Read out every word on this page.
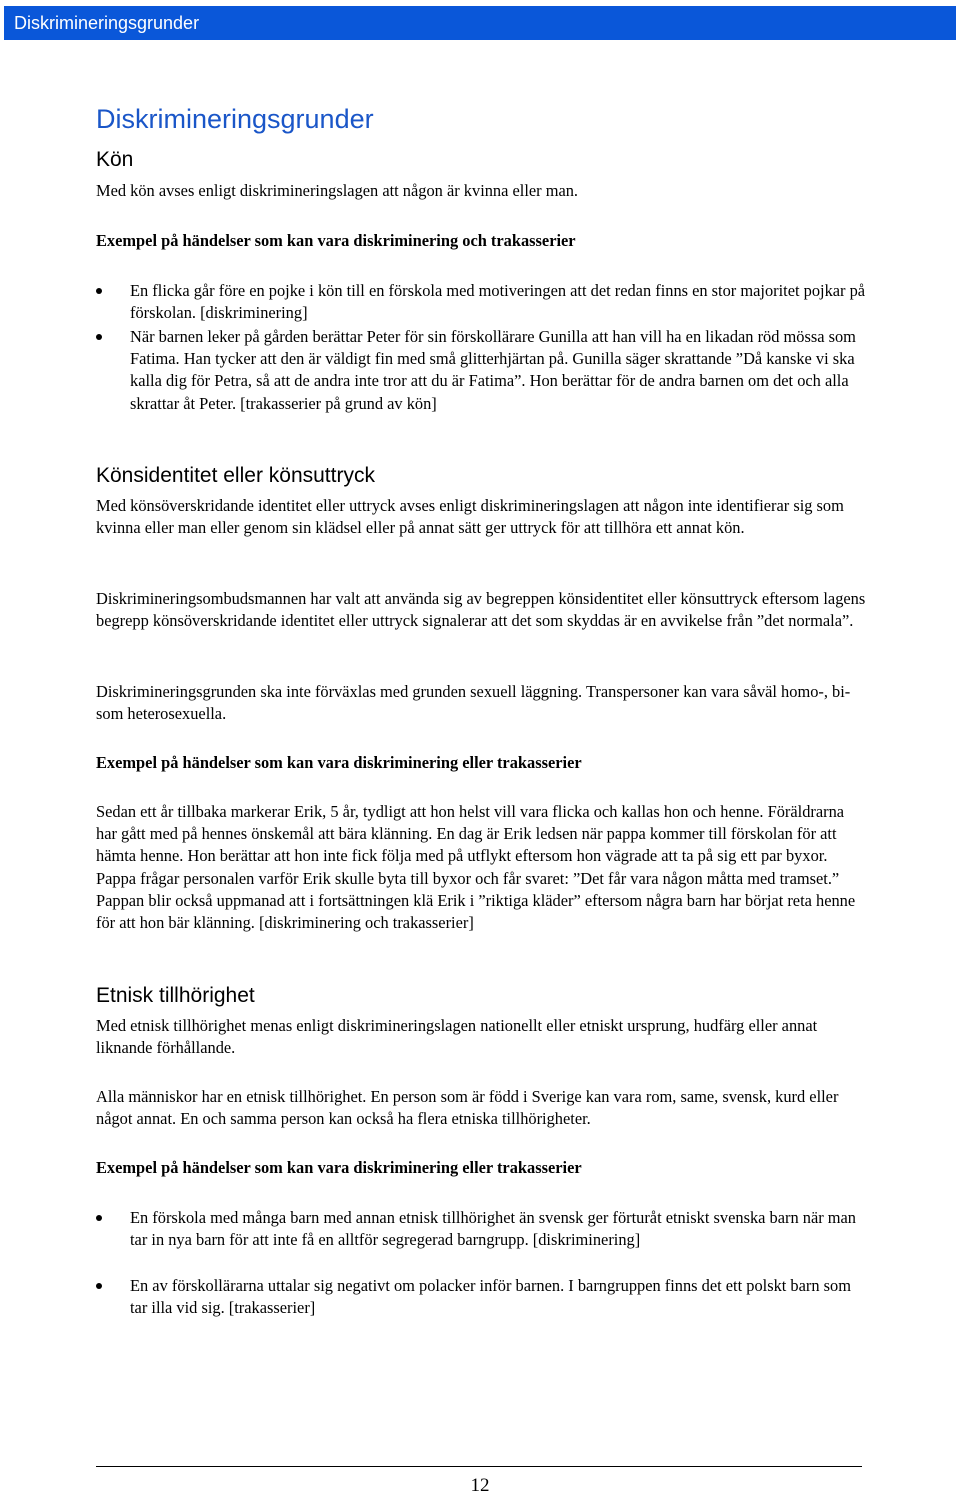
Diskrimineringsgrunder
Diskrimineringsgrunder
Kön
Med kön avses enligt diskrimineringslagen att någon är kvinna eller man.
Exempel på händelser som kan vara diskriminering och trakasserier
En flicka går före en pojke i kön till en förskola med motiveringen att det redan finns en stor majoritet pojkar på förskolan. [diskriminering]
När barnen leker på gården berättar Peter för sin förskollärare Gunilla att han vill ha en likadan röd mössa som Fatima. Han tycker att den är väldigt fin med små glitterhjärtan på. Gunilla säger skrattande ”Då kanske vi ska kalla dig för Petra, så att de andra inte tror att du är Fatima”. Hon berättar för de andra barnen om det och alla skrattar åt Peter. [trakasserier på grund av kön]
Könsidentitet eller könsuttryck
Med könsöverskridande identitet eller uttryck avses enligt diskrimineringslagen att någon inte identifierar sig som kvinna eller man eller genom sin klädsel eller på annat sätt ger uttryck för att tillhöra ett annat kön.
Diskrimineringsombudsmannen har valt att använda sig av begreppen könsidentitet eller könsuttryck eftersom lagens begrepp könsöverskridande identitet eller uttryck signalerar att det som skyddas är en avvikelse från ”det normala”.
Diskrimineringsgrunden ska inte förväxlas med grunden sexuell läggning. Transpersoner kan vara såväl homo-, bi- som heterosexuella.
Exempel på händelser som kan vara diskriminering eller trakasserier
Sedan ett år tillbaka markerar Erik, 5 år, tydligt att hon helst vill vara flicka och kallas hon och henne. Föräldrarna har gått med på hennes önskemål att bära klänning. En dag är Erik ledsen när pappa kommer till förskolan för att hämta henne. Hon berättar att hon inte fick följa med på utflykt eftersom hon vägrade att ta på sig ett par byxor. Pappa frågar personalen varför Erik skulle byta till byxor och får svaret: ”Det får vara någon måtta med tramset.” Pappan blir också uppmanad att i fortsättningen klä Erik i ”riktiga kläder” eftersom några barn har börjat reta henne för att hon bär klänning. [diskriminering och trakasserier]
Etnisk tillhörighet
Med etnisk tillhörighet menas enligt diskrimineringslagen nationellt eller etniskt ursprung, hudfärg eller annat liknande förhållande.
Alla människor har en etnisk tillhörighet. En person som är född i Sverige kan vara rom, same, svensk, kurd eller något annat. En och samma person kan också ha flera etniska tillhörigheter.
Exempel på händelser som kan vara diskriminering eller trakasserier
En förskola med många barn med annan etnisk tillhörighet än svensk ger förturåt etniskt svenska barn när man tar in nya barn för att inte få en alltför segregerad barngrupp. [diskriminering]
En av förskollärarna uttalar sig negativt om polacker inför barnen. I barngruppen finns det ett polskt barn som tar illa vid sig. [trakasserier]
12
